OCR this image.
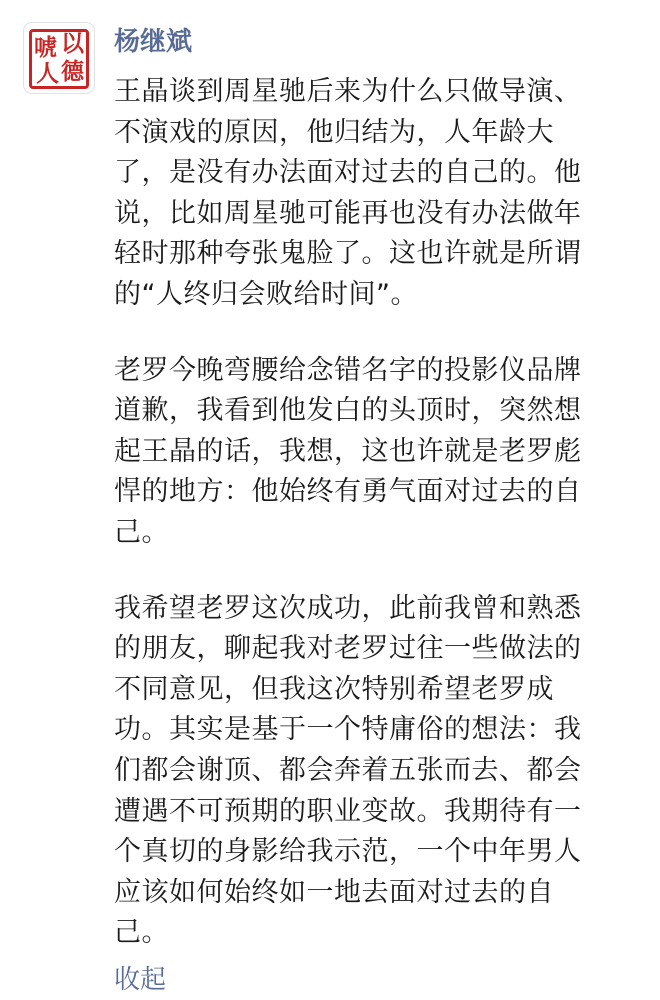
唬 以
人 德
杨继斌

王晶谈到周星驰后来为什么只做导演、
不演戏的原因，他归结为，人年龄大
了，是没有办法面对过去的自己的。他
说，比如周星驰可能再也没有办法做年
轻时那种夸张鬼脸了。这也许就是所谓
的“人终归会败给时间”。

老罗今晚弯腰给念错名字的投影仪品牌
道歉，我看到他发白的头顶时，突然想
起王晶的话，我想，这也许就是老罗彪
悍的地方：他始终有勇气面对过去的自
己。

我希望老罗这次成功，此前我曾和熟悉
的朋友，聊起我对老罗过往一些做法的
不同意见，但我这次特别希望老罗成
功。其实是基于一个特庸俗的想法：我
们都会谢顶、都会奔着五张而去、都会
遭遇不可预期的职业变故。我期待有一
个真切的身影给我示范，一个中年男人
应该如何始终如一地去面对过去的自
己。

收起
